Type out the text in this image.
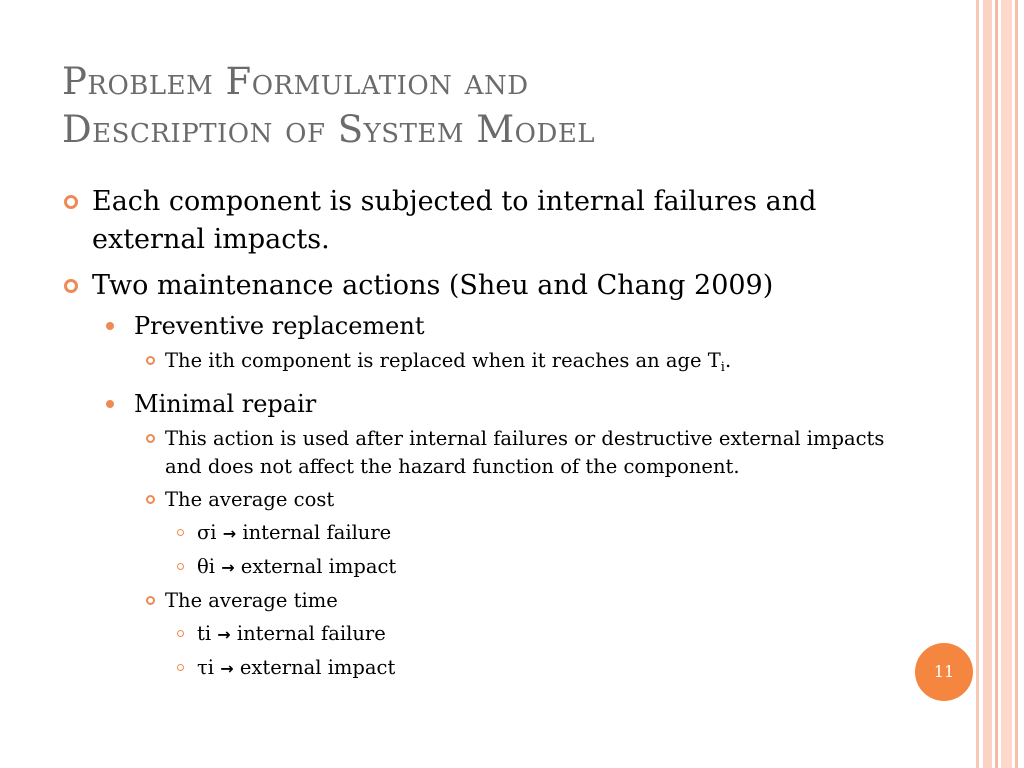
Problem Formulation and
Description of System Model
Each component is subjected to internal failures and external impacts.
Two maintenance actions (Sheu and Chang 2009)
Preventive replacement
The ith component is replaced when it reaches an age $T_i$.
Minimal repair
This action is used after internal failures or destructive external impacts and does not affect the hazard function of the component.
The average cost
σi → internal failure
θi → external impact
The average time
ti → internal failure
τi → external impact	11
